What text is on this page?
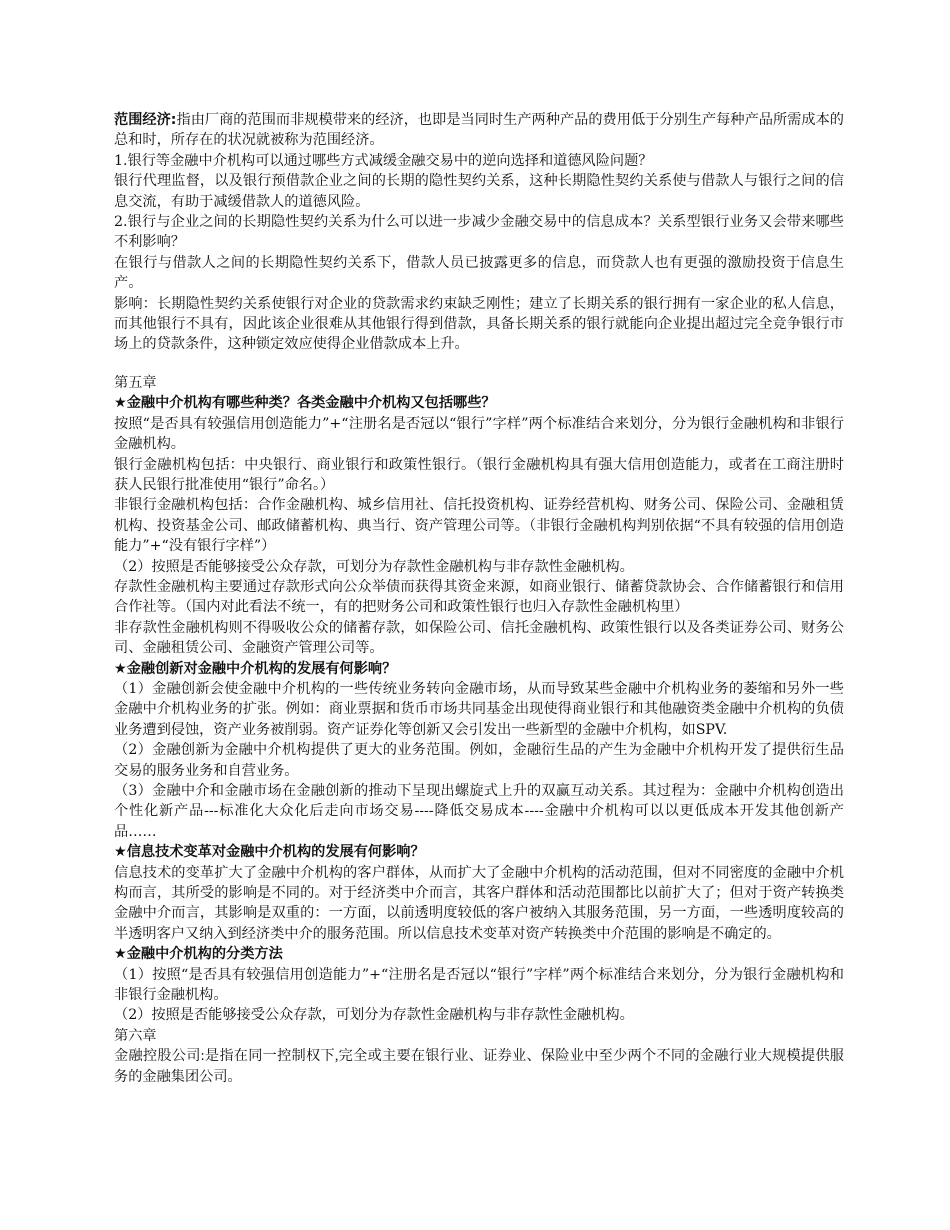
范围经济:指由厂商的范围而非规模带来的经济，也即是当同时生产两种产品的费用低于分别生产每种产品所需成本的总和时，所存在的状况就被称为范围经济。

1.银行等金融中介机构可以通过哪些方式减缓金融交易中的逆向选择和道德风险问题？

银行代理监督，以及银行预借款企业之间的长期的隐性契约关系，这种长期隐性契约关系使与借款人与银行之间的信息交流，有助于减缓借款人的道德风险。

2.银行与企业之间的长期隐性契约关系为什么可以进一步减少金融交易中的信息成本？关系型银行业务又会带来哪些不利影响？

在银行与借款人之间的长期隐性契约关系下，借款人员已披露更多的信息，而贷款人也有更强的激励投资于信息生产。

影响：长期隐性契约关系使银行对企业的贷款需求约束缺乏刚性；建立了长期关系的银行拥有一家企业的私人信息，而其他银行不具有，因此该企业很难从其他银行得到借款，具备长期关系的银行就能向企业提出超过完全竞争银行市场上的贷款条件，这种锁定效应使得企业借款成本上升。

第五章

★金融中介机构有哪些种类？各类金融中介机构又包括哪些？

按照“是否具有较强信用创造能力”+“注册名是否冠以“银行”字样”两个标准结合来划分，分为银行金融机构和非银行金融机构。

银行金融机构包括：中央银行、商业银行和政策性银行。（银行金融机构具有强大信用创造能力，或者在工商注册时获人民银行批准使用“银行”命名。）

非银行金融机构包括：合作金融机构、城乡信用社、信托投资机构、证券经营机构、财务公司、保险公司、金融租赁机构、投资基金公司、邮政储蓄机构、典当行、资产管理公司等。（非银行金融机构判别依据“不具有较强的信用创造能力”+“没有银行字样”）

（2）按照是否能够接受公众存款，可划分为存款性金融机构与非存款性金融机构。

存款性金融机构主要通过存款形式向公众举债而获得其资金来源，如商业银行、储蓄贷款协会、合作储蓄银行和信用合作社等。（国内对此看法不统一，有的把财务公司和政策性银行也归入存款性金融机构里）

非存款性金融机构则不得吸收公众的储蓄存款，如保险公司、信托金融机构、政策性银行以及各类证券公司、财务公司、金融租赁公司、金融资产管理公司等。

★金融创新对金融中介机构的发展有何影响？

（1）金融创新会使金融中介机构的一些传统业务转向金融市场，从而导致某些金融中介机构业务的萎缩和另外一些金融中介机构业务的扩张。例如：商业票据和货币市场共同基金出现使得商业银行和其他融资类金融中介机构的负债业务遭到侵蚀，资产业务被削弱。资产证券化等创新又会引发出一些新型的金融中介机构，如SPV.

（2）金融创新为金融中介机构提供了更大的业务范围。例如，金融衍生品的产生为金融中介机构开发了提供衍生品交易的服务业务和自营业务。

（3）金融中介和金融市场在金融创新的推动下呈现出螺旋式上升的双赢互动关系。其过程为：金融中介机构创造出个性化新产品---标准化大众化后走向市场交易----降低交易成本----金融中介机构可以以更低成本开发其他创新产品……

★信息技术变革对金融中介机构的发展有何影响？

信息技术的变革扩大了金融中介机构的客户群体，从而扩大了金融中介机构的活动范围，但对不同密度的金融中介机构而言，其所受的影响是不同的。对于经济类中介而言，其客户群体和活动范围都比以前扩大了；但对于资产转换类金融中介而言，其影响是双重的：一方面，以前透明度较低的客户被纳入其服务范围，另一方面，一些透明度较高的半透明客户又纳入到经济类中介的服务范围。所以信息技术变革对资产转换类中介范围的影响是不确定的。

★金融中介机构的分类方法

（1）按照“是否具有较强信用创造能力”+“注册名是否冠以“银行”字样”两个标准结合来划分，分为银行金融机构和非银行金融机构。

（2）按照是否能够接受公众存款，可划分为存款性金融机构与非存款性金融机构。

第六章

金融控股公司:是指在同一控制权下,完全或主要在银行业、证券业、保险业中至少两个不同的金融行业大规模提供服务的金融集团公司。
